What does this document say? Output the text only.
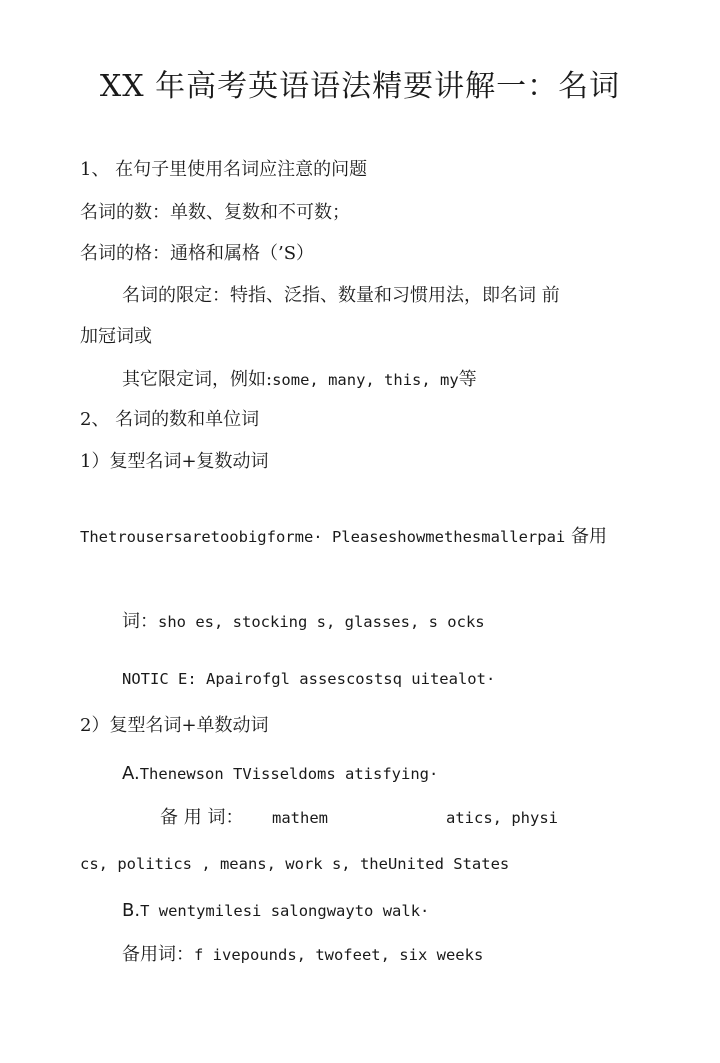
XX 年高考英语语法精要讲解一：名词
1、 在句子里使用名词应注意的问题
名词的数：单数、复数和不可数；
名词的格：通格和属格（’S）
名词的限定：特指、泛指、数量和习惯用法，即名词 前
加冠词或
其它限定词，例如:some, many, this, my等
2、 名词的数和单位词
1）复型名词+复数动词
Thetrousersaretoobigforme· Pleaseshowmethesmallerpai 备用
词：sho es, stocking s, glasses, s ocks
NOTIC E: Apairofgl assescostsq uitealot·
2）复型名词+单数动词
A.Thenewson TVisseldoms atisfying·
备 用 词： mathem	atics, physi
cs, politics , means, work s, theUnited States
B.T wentymilesi salongwayto walk·
备用词：f ivepounds, twofeet, six weeks
